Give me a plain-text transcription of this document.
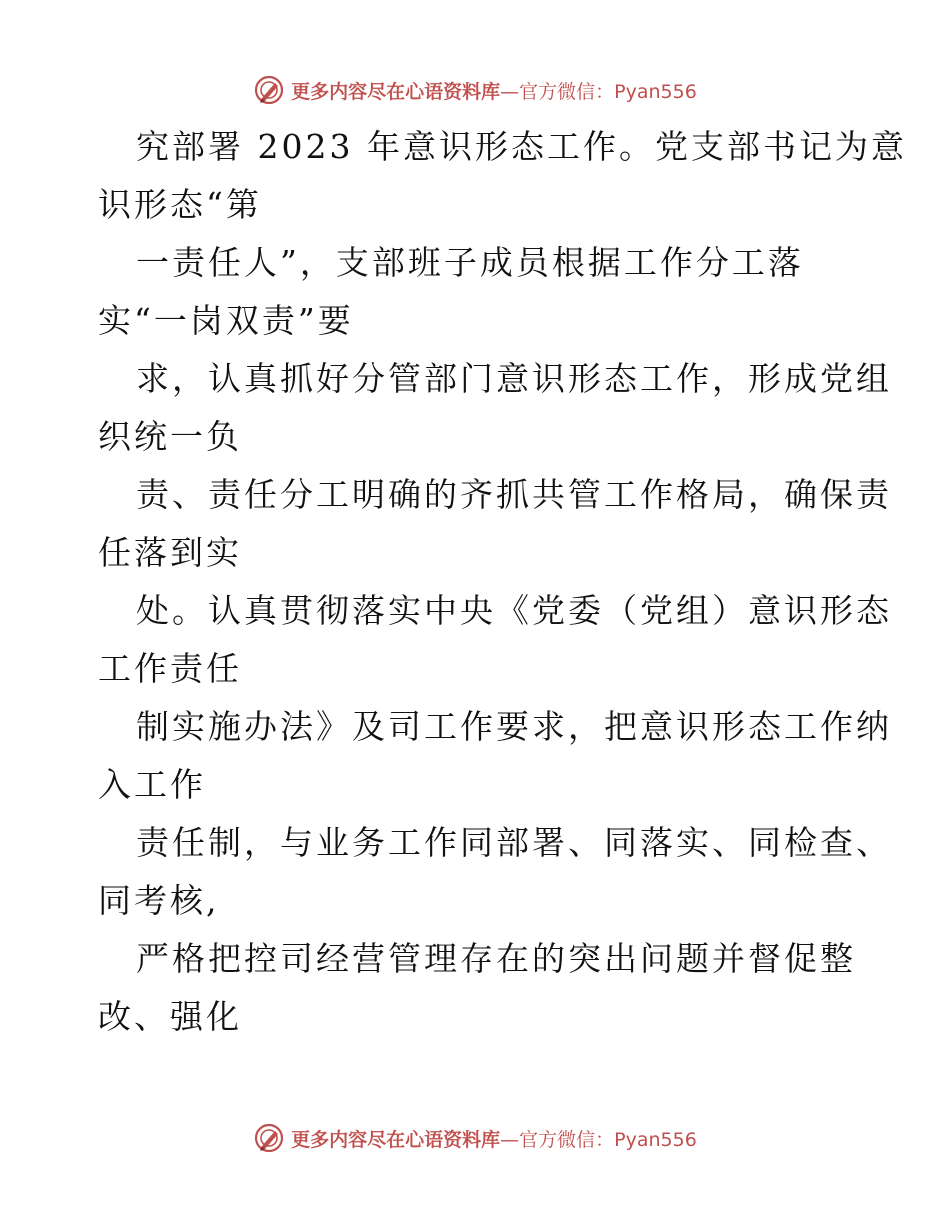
更多内容尽在心语资料库—官方微信：Pyan556
究部署 2023 年意识形态工作。党支部书记为意
识形态“第
一责任人”，支部班子成员根据工作分工落
实“一岗双责”要
求，认真抓好分管部门意识形态工作，形成党组
织统一负
责、责任分工明确的齐抓共管工作格局，确保责
任落到实
处。认真贯彻落实中央《党委（党组）意识形态
工作责任
制实施办法》及司工作要求，把意识形态工作纳
入工作
责任制，与业务工作同部署、同落实、同检查、
同考核,
严格把控司经营管理存在的突出问题并督促整
改、强化
更多内容尽在心语资料库—官方微信：Pyan556
